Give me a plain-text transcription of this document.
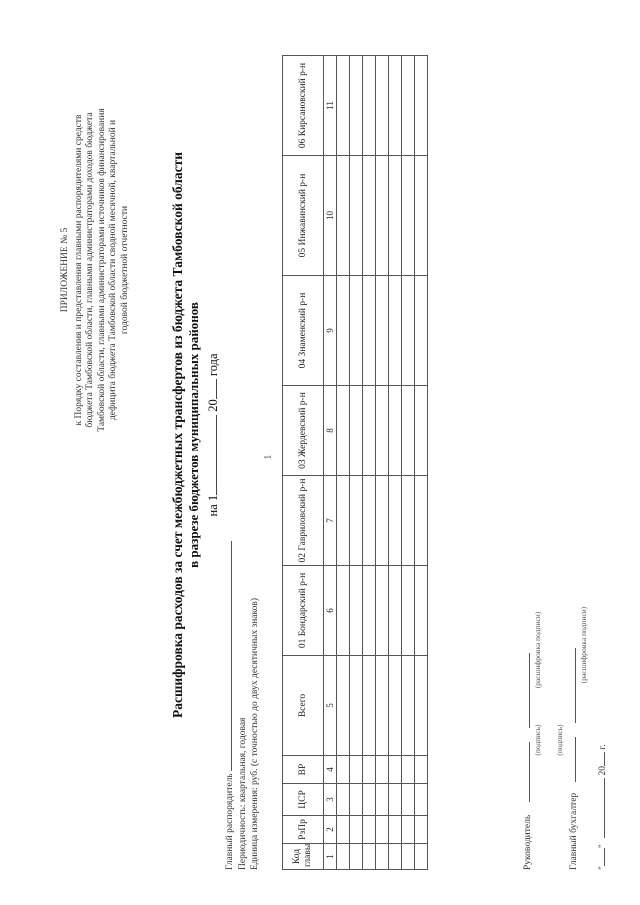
1
ПРИЛОЖЕНИЕ № 5 к Порядку составления и представления главными распорядителями средств бюджета Тамбовской области, главными администраторами доходов бюджета Тамбовской области, главными администраторами источников финансирования дефицита бюджета Тамбовской области сводной месячной, квартальной и годовой бюджетной отчетности	Расшифровка расходов за счет межбюджетных трансфертов из бюджета Тамбовской области в разрезе бюджетов муниципальных районов на 1 20 года
Главный распорядитель Периодичность: квартальная, годовая Единица измерения: руб. (с точностью до двух десятичных знаков)	Код главы	РзПр	ЦСР	ВР	Всего	01 Бондарский р-н	02 Гавриловский р-н	03 Жердевский р-н	04 Знаменский р-н	05 Инжавинский р-н	06 Кирсановский р-н
1	2	3	4	5	6	7	8	9	10	11

Руководитель
(подпись)
(расшифровка подписи)
(подпись)
Главный бухгалтер
(расшифровка подписи)
""  20 г.
